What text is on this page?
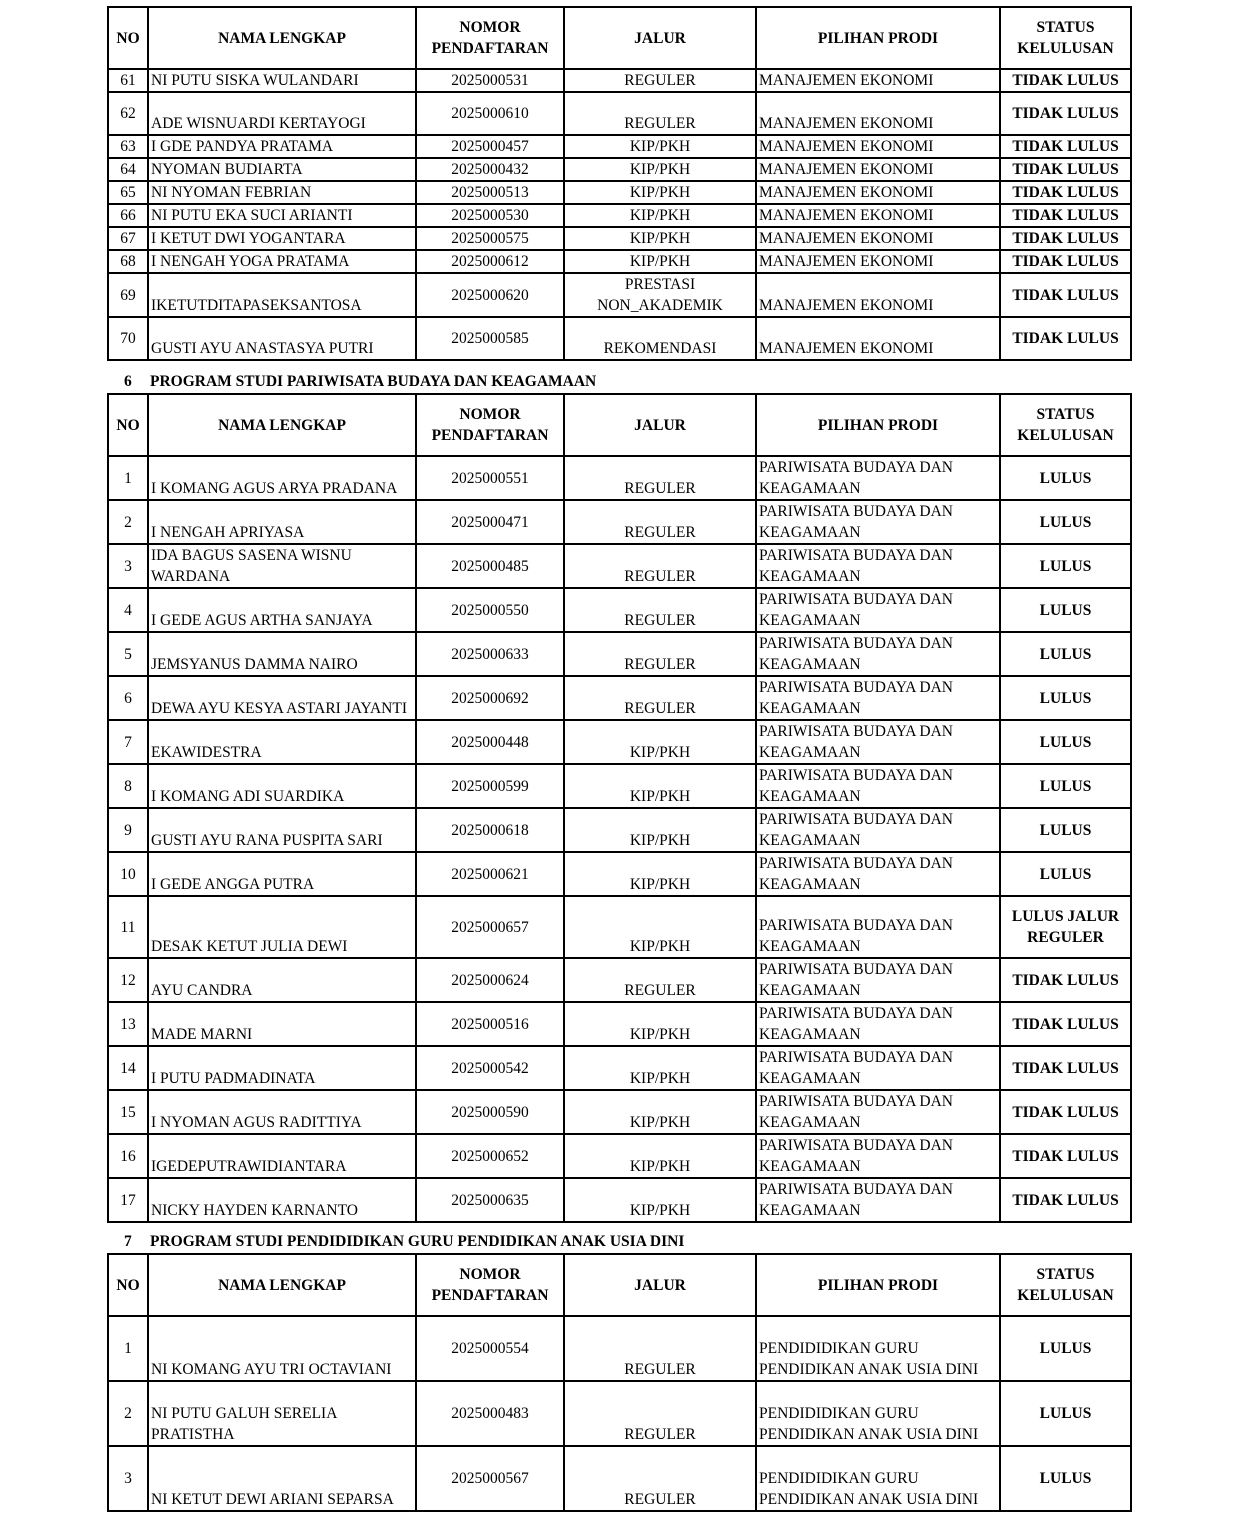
NO	NAMA LENGKAP	NOMOR PENDAFTARAN	JALUR	PILIHAN PRODI	STATUS KELULUSAN
61	NI PUTU SISKA WULANDARI	2025000531	REGULER	MANAJEMEN EKONOMI	TIDAK LULUS
62	ADE WISNUARDI KERTAYOGI	2025000610	REGULER	MANAJEMEN EKONOMI	TIDAK LULUS
63	I GDE PANDYA PRATAMA	2025000457	KIP/PKH	MANAJEMEN EKONOMI	TIDAK LULUS
64	NYOMAN BUDIARTA	2025000432	KIP/PKH	MANAJEMEN EKONOMI	TIDAK LULUS
65	NI NYOMAN FEBRIAN	2025000513	KIP/PKH	MANAJEMEN EKONOMI	TIDAK LULUS
66	NI PUTU EKA SUCI ARIANTI	2025000530	KIP/PKH	MANAJEMEN EKONOMI	TIDAK LULUS
67	I KETUT DWI YOGANTARA	2025000575	KIP/PKH	MANAJEMEN EKONOMI	TIDAK LULUS
68	I NENGAH YOGA PRATAMA	2025000612	KIP/PKH	MANAJEMEN EKONOMI	TIDAK LULUS
69	IKETUTDITAPASEKSANTOSA	2025000620	PRESTASI NON_AKADEMIK	MANAJEMEN EKONOMI	TIDAK LULUS
70	GUSTI AYU ANASTASYA PUTRI	2025000585	REKOMENDASI	MANAJEMEN EKONOMI	TIDAK LULUS
6 PROGRAM STUDI PARIWISATA BUDAYA DAN KEAGAMAAN
NO	NAMA LENGKAP	NOMOR PENDAFTARAN	JALUR	PILIHAN PRODI	STATUS KELULUSAN
1	I KOMANG AGUS ARYA PRADANA	2025000551	REGULER	PARIWISATA BUDAYA DAN KEAGAMAAN	LULUS
2	I NENGAH APRIYASA	2025000471	REGULER	PARIWISATA BUDAYA DAN KEAGAMAAN	LULUS
3	IDA BAGUS SASENA WISNU WARDANA	2025000485	REGULER	PARIWISATA BUDAYA DAN KEAGAMAAN	LULUS
4	I GEDE AGUS ARTHA SANJAYA	2025000550	REGULER	PARIWISATA BUDAYA DAN KEAGAMAAN	LULUS
5	JEMSYANUS DAMMA NAIRO	2025000633	REGULER	PARIWISATA BUDAYA DAN KEAGAMAAN	LULUS
6	DEWA AYU KESYA ASTARI JAYANTI	2025000692	REGULER	PARIWISATA BUDAYA DAN KEAGAMAAN	LULUS
7	EKAWIDESTRA	2025000448	KIP/PKH	PARIWISATA BUDAYA DAN KEAGAMAAN	LULUS
8	I KOMANG ADI SUARDIKA	2025000599	KIP/PKH	PARIWISATA BUDAYA DAN KEAGAMAAN	LULUS
9	GUSTI AYU RANA PUSPITA SARI	2025000618	KIP/PKH	PARIWISATA BUDAYA DAN KEAGAMAAN	LULUS
10	I GEDE ANGGA PUTRA	2025000621	KIP/PKH	PARIWISATA BUDAYA DAN KEAGAMAAN	LULUS
11	DESAK KETUT JULIA DEWI	2025000657	KIP/PKH	PARIWISATA BUDAYA DAN KEAGAMAAN	LULUS JALUR REGULER
12	AYU CANDRA	2025000624	REGULER	PARIWISATA BUDAYA DAN KEAGAMAAN	TIDAK LULUS
13	MADE MARNI	2025000516	KIP/PKH	PARIWISATA BUDAYA DAN KEAGAMAAN	TIDAK LULUS
14	I PUTU PADMADINATA	2025000542	KIP/PKH	PARIWISATA BUDAYA DAN KEAGAMAAN	TIDAK LULUS
15	I NYOMAN AGUS RADITTIYA	2025000590	KIP/PKH	PARIWISATA BUDAYA DAN KEAGAMAAN	TIDAK LULUS
16	IGEDEPUTRAWIDIANTARA	2025000652	KIP/PKH	PARIWISATA BUDAYA DAN KEAGAMAAN	TIDAK LULUS
17	NICKY HAYDEN KARNANTO	2025000635	KIP/PKH	PARIWISATA BUDAYA DAN KEAGAMAAN	TIDAK LULUS
7 PROGRAM STUDI PENDIDIDIKAN GURU PENDIDIKAN ANAK USIA DINI
NO	NAMA LENGKAP	NOMOR PENDAFTARAN	JALUR	PILIHAN PRODI	STATUS KELULUSAN
1	NI KOMANG AYU TRI OCTAVIANI	2025000554	REGULER	PENDIDIDIKAN GURU PENDIDIKAN ANAK USIA DINI	LULUS
2	NI PUTU GALUH SERELIA PRATISTHA	2025000483	REGULER	PENDIDIDIKAN GURU PENDIDIKAN ANAK USIA DINI	LULUS
3	NI KETUT DEWI ARIANI SEPARSA	2025000567	REGULER	PENDIDIDIKAN GURU PENDIDIKAN ANAK USIA DINI	LULUS
